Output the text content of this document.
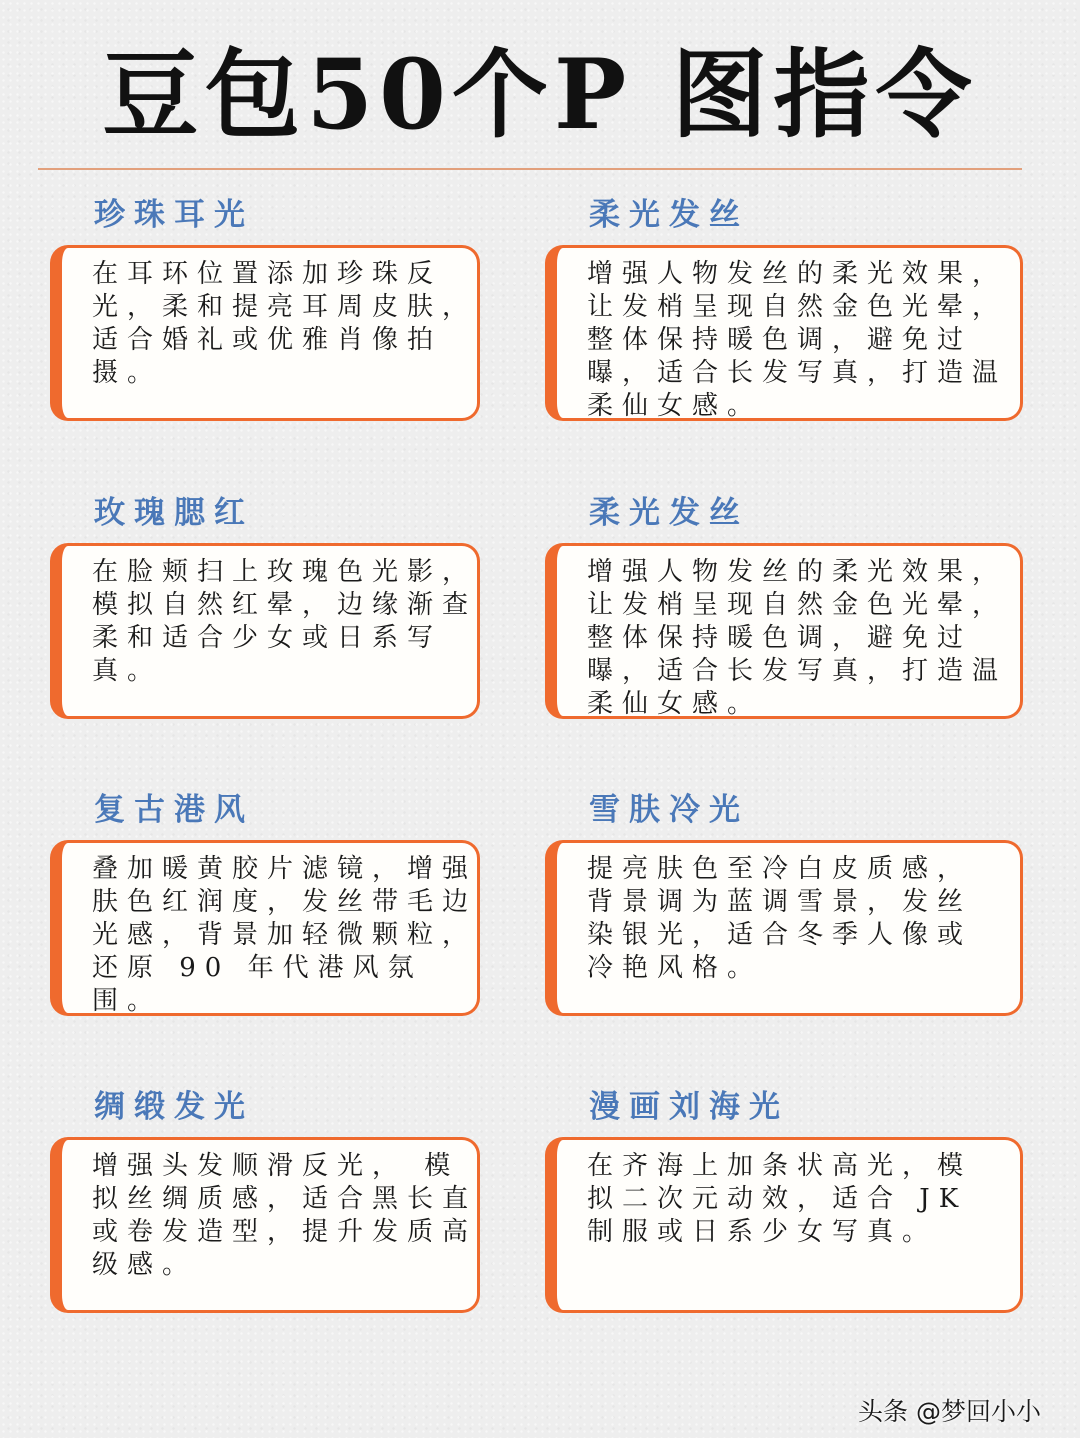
豆包50个P 图指令
珍珠耳光

在耳环位置添加珍珠反光，柔和提亮耳周皮肤，适合婚礼或优雅肖像拍摄。

柔光发丝

增强人物发丝的柔光效果，让发梢呈现自然金色光晕，整体保持暖色调，避免过曝，适合长发写真，打造温柔仙女感。

玫瑰腮红

在脸颊扫上玫瑰色光影，模拟自然红晕，边缘渐查柔和适合少女或日系写真。

柔光发丝

增强人物发丝的柔光效果，让发梢呈现自然金色光晕，整体保持暖色调，避免过曝，适合长发写真，打造温柔仙女感。

复古港风

叠加暖黄胶片滤镜，增强肤色红润度，发丝带毛边光感，背景加轻微颗粒，还原 90 年代港风氛围。

雪肤冷光

提亮肤色至冷白皮质感，背景调为蓝调雪景，发丝染银光，适合冬季人像或冷艳风格。

绸缎发光

增强头发顺滑反光， 模拟丝绸质感，适合黑长直或卷发造型，提升发质高级感。

漫画刘海光

在齐海上加条状高光，模拟二次元动效，适合 JK 制服或日系少女写真。

头条 @梦回小小
